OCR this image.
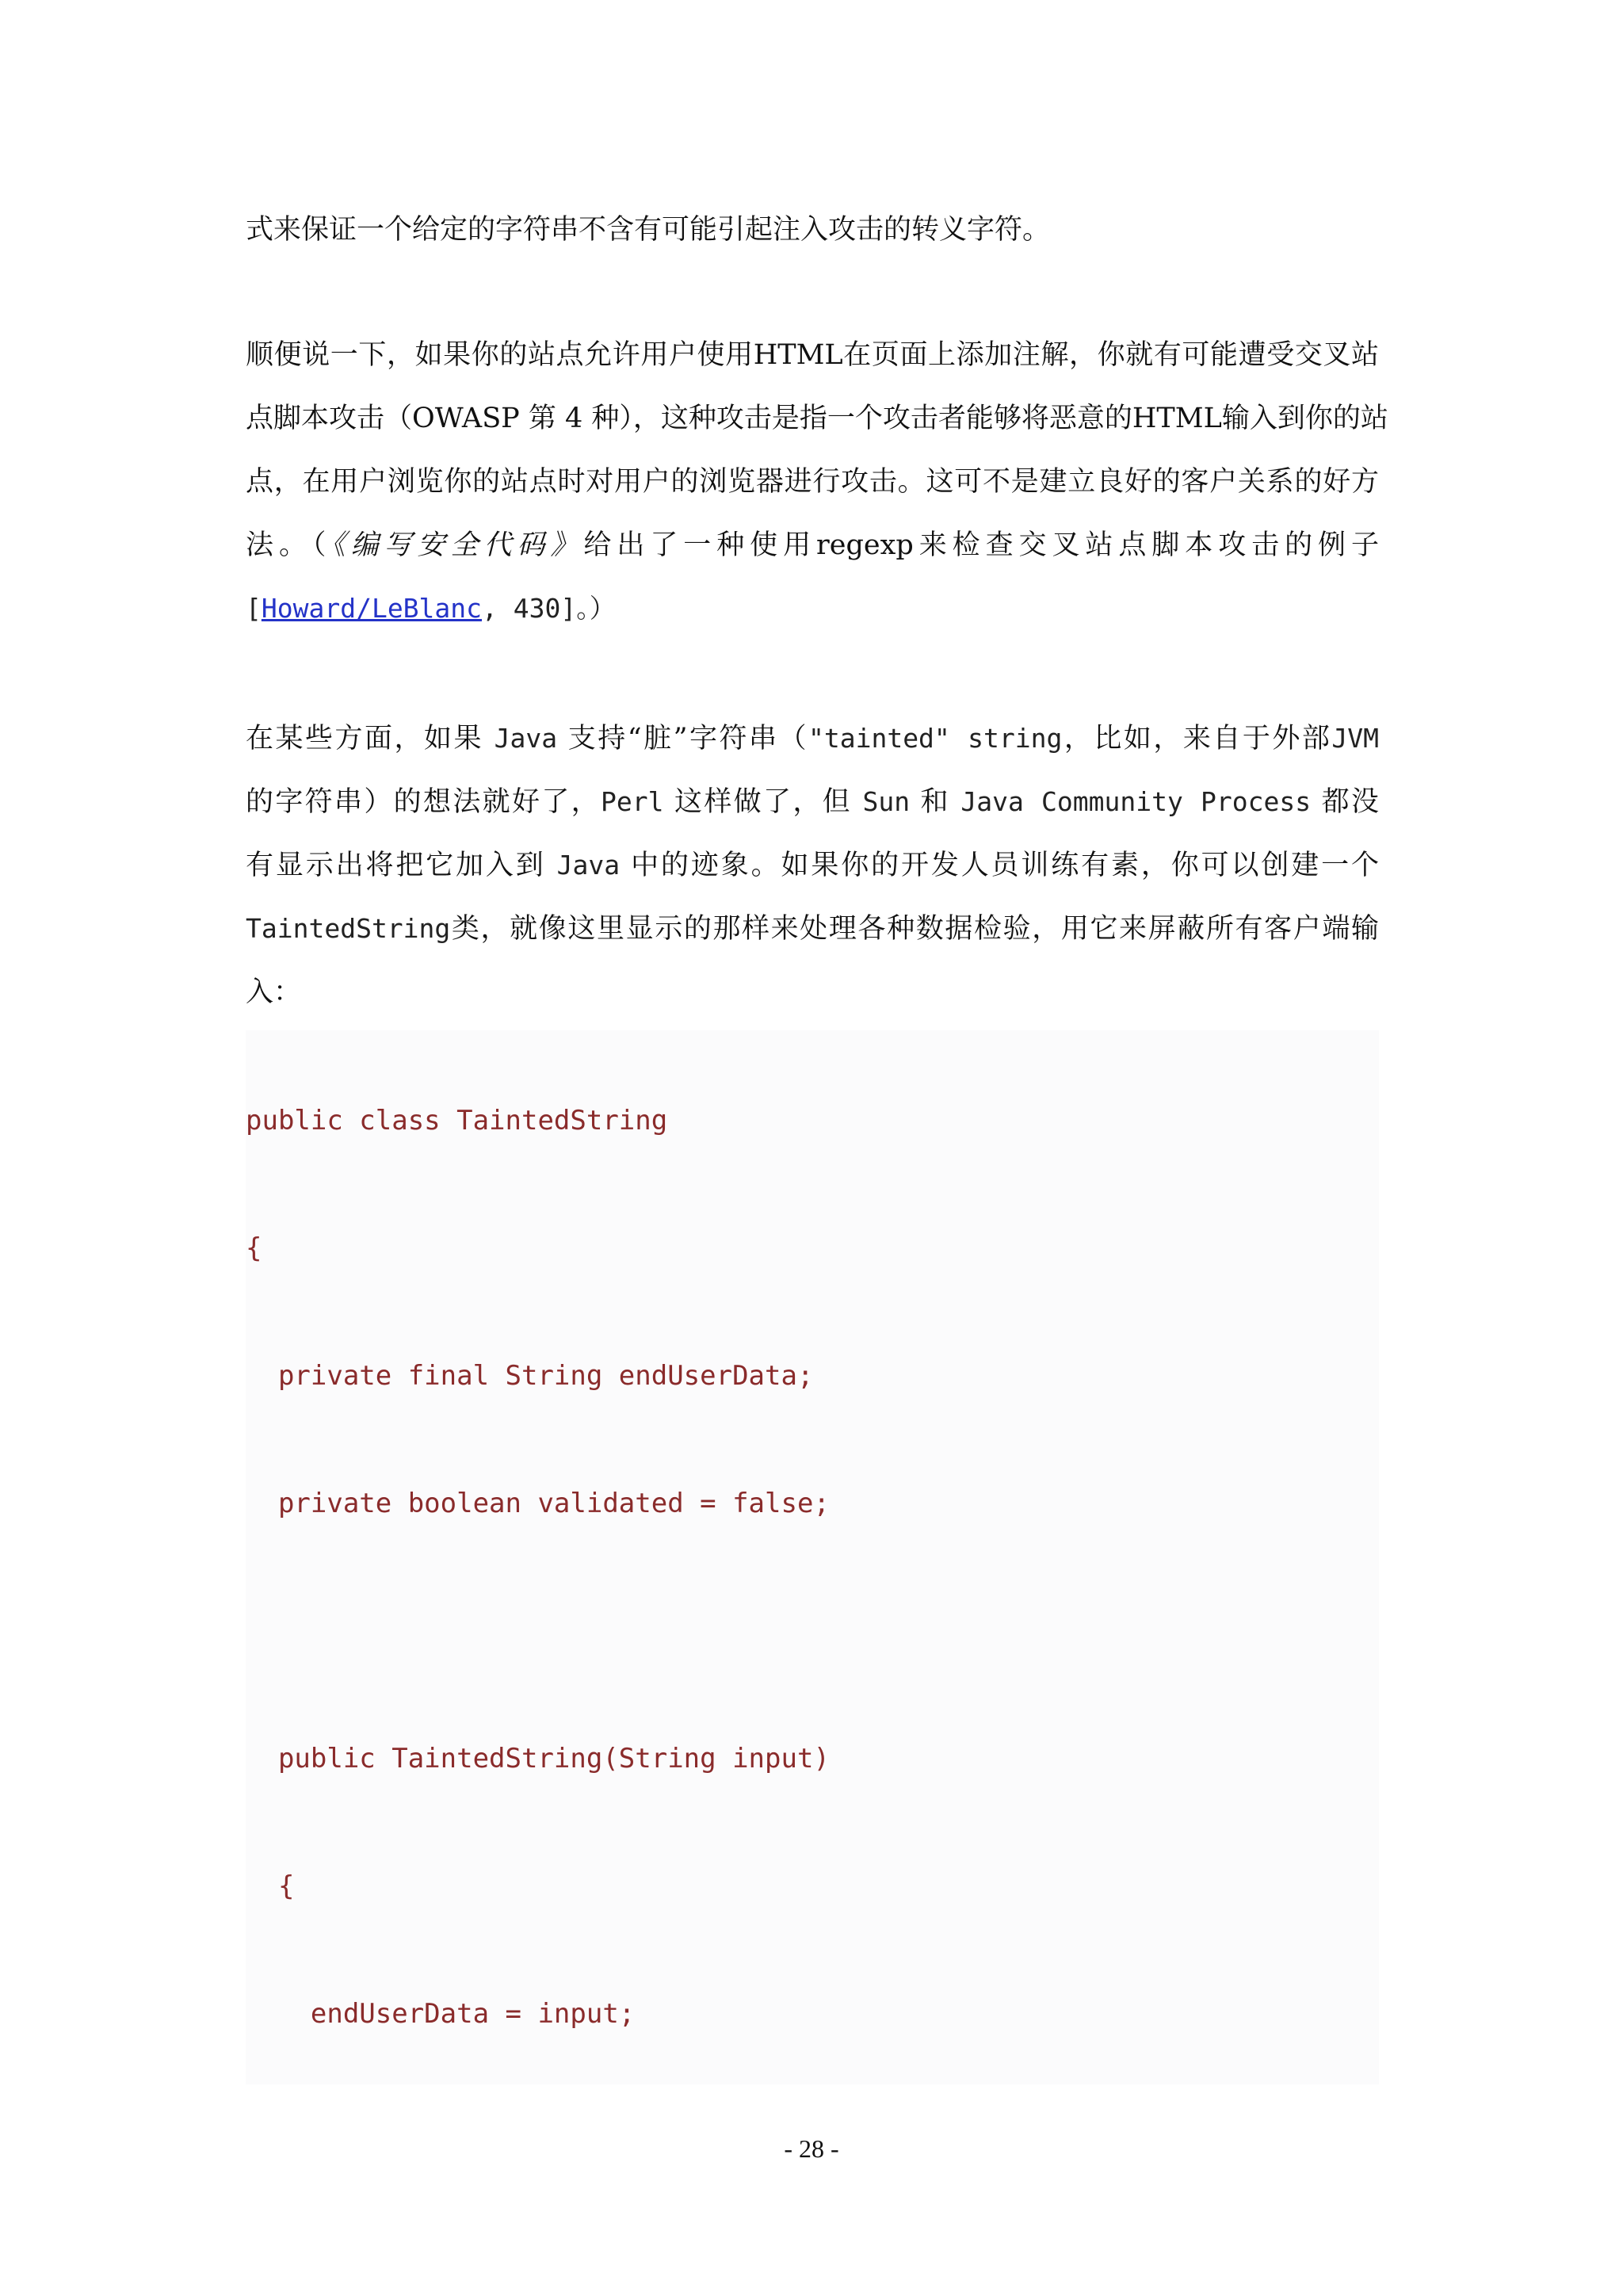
式来保证一个给定的字符串不含有可能引起注入攻击的转义字符。
顺便说一下，如果你的站点允许用户使用HTML在页面上添加注解，你就有可能遭受交叉站
点脚本攻击（OWASP 第 4 种），这种攻击是指一个攻击者能够将恶意的HTML输入到你的站
点，在用户浏览你的站点时对用户的浏览器进行攻击。这可不是建立良好的客户关系的好方
法。（《编写安全代码》给出了一种使用regexp来检查交叉站点脚本攻击的例子
[Howard/LeBlanc, 430]。）
在某些方面，如果 Java 支持“脏”字符串（"tainted" string，比如，来自于外部JVM
的字符串）的想法就好了，Perl 这样做了，但 Sun 和 Java Community Process 都没
有显示出将把它加入到 Java 中的迹象。如果你的开发人员训练有素，你可以创建一个
TaintedString类，就像这里显示的那样来处理各种数据检验，用它来屏蔽所有客户端输
入：
public class TaintedString
{
private final String endUserData;
private boolean validated = false;
public TaintedString(String input)
{
endUserData = input;
- 28 -
